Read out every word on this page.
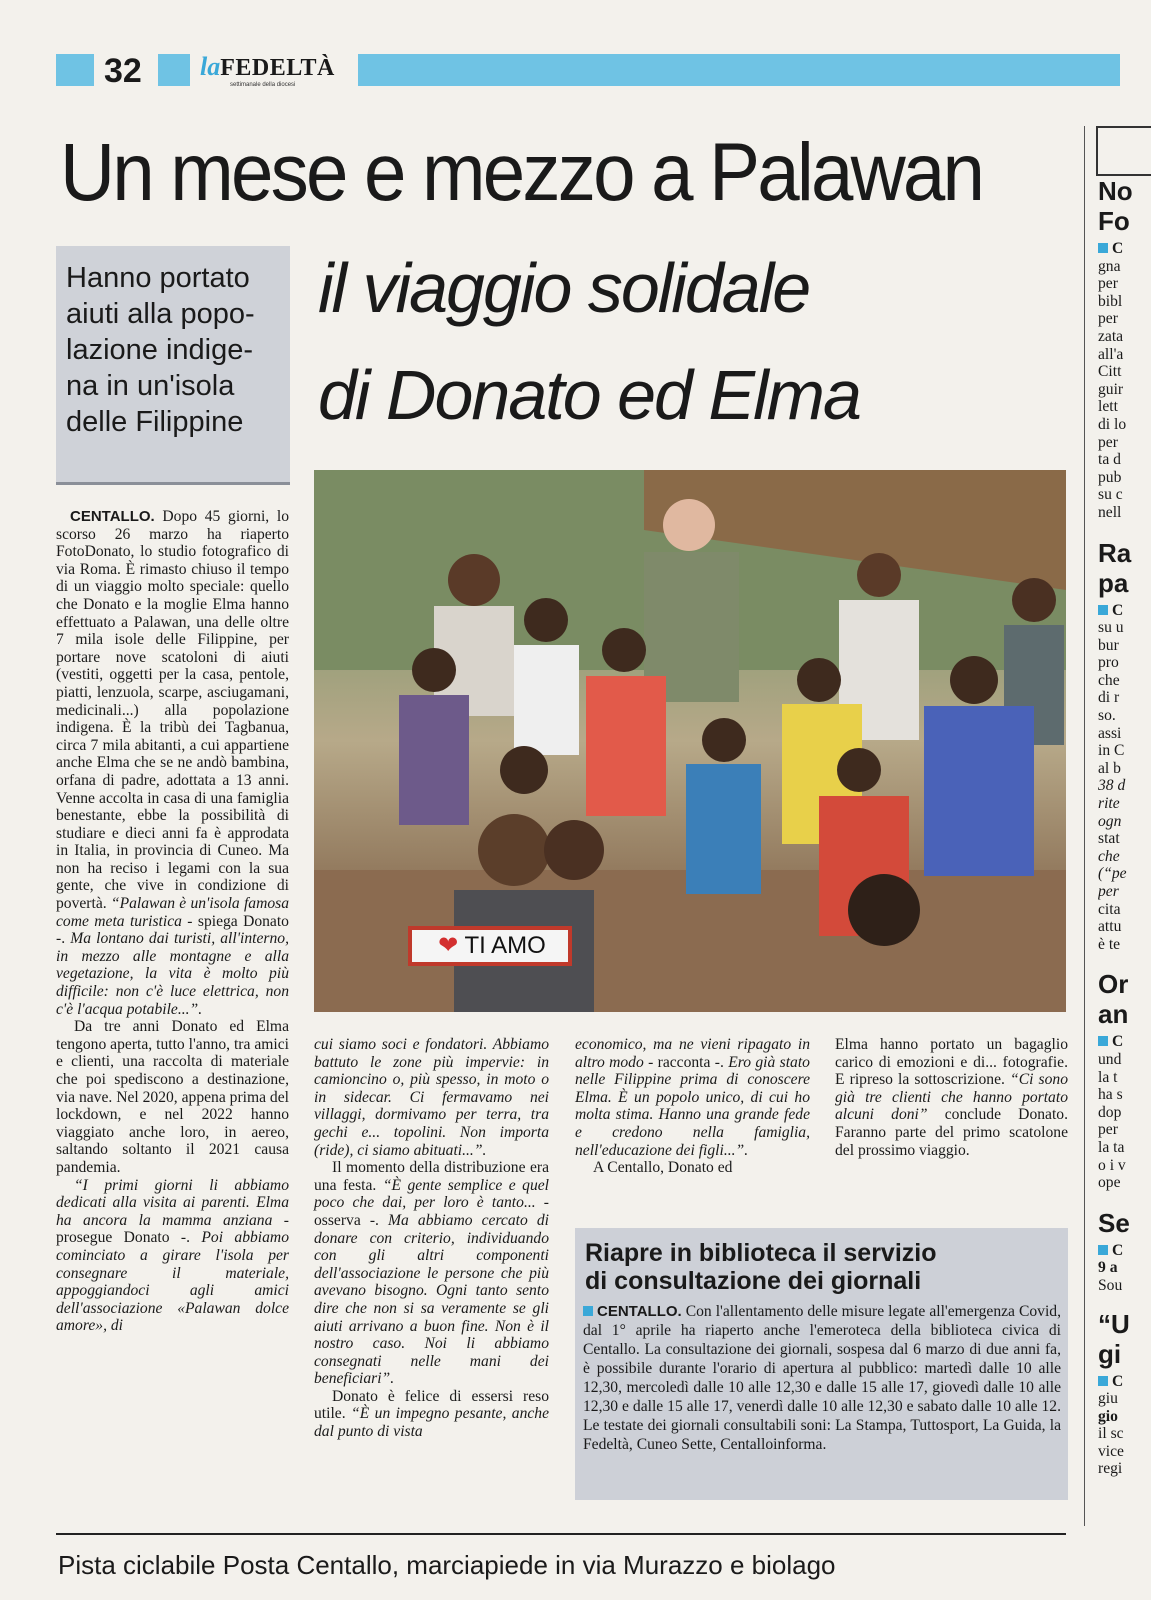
32 laFEDELTÀ
settimanale della diocesi
Un mese e mezzo a Palawan
Hanno portato
aiuti alla popo-
lazione indige-
na in un'isola
delle Filippine
il viaggio solidale
di Donato ed Elma
❤ TI AMO

CENTALLO. Dopo 45 giorni, lo scorso 26 marzo ha riaperto FotoDonato, lo studio fotografico di via Roma. È rimasto chiuso il tempo di un viaggio molto speciale: quello che Donato e la moglie Elma hanno effettuato a Palawan, una delle oltre 7 mila isole delle Filippine, per portare nove scatoloni di aiuti (vestiti, oggetti per la casa, pentole, piatti, lenzuola, scarpe, asciugamani, medicinali...) alla popolazione indigena. È la tribù dei Tagbanua, circa 7 mila abitanti, a cui appartiene anche Elma che se ne andò bambina, orfana di padre, adottata a 13 anni. Venne accolta in casa di una famiglia benestante, ebbe la possibilità di studiare e dieci anni fa è approdata in Italia, in provincia di Cuneo. Ma non ha reciso i legami con la sua gente, che vive in condizione di povertà. “Palawan è un'isola famosa come meta turistica - spiega Donato -. Ma lontano dai turisti, all'interno, in mezzo alle montagne e alla vegetazione, la vita è molto più difficile: non c'è luce elettrica, non c'è l'acqua potabile...”.

Da tre anni Donato ed Elma tengono aperta, tutto l'anno, tra amici e clienti, una raccolta di materiale che poi spediscono a destinazione, via nave. Nel 2020, appena prima del lockdown, e nel 2022 hanno viaggiato anche loro, in aereo, saltando soltanto il 2021 causa pandemia.

“I primi giorni li abbiamo dedicati alla visita ai parenti. Elma ha ancora la mamma anziana - prosegue Donato -. Poi abbiamo cominciato a girare l'isola per consegnare il materiale, appoggiandoci agli amici dell'associazione «Palawan dolce amore», di

cui siamo soci e fondatori. Abbiamo battuto le zone più impervie: in camioncino o, più spesso, in moto o in sidecar. Ci fermavamo nei villaggi, dormivamo per terra, tra gechi e... topolini. Non importa (ride), ci siamo abituati...”.

Il momento della distribuzione era una festa. “È gente semplice e quel poco che dai, per loro è tanto... - osserva -. Ma abbiamo cercato di donare con criterio, individuando con gli altri componenti dell'associazione le persone che più avevano bisogno. Ogni tanto sento dire che non si sa veramente se gli aiuti arrivano a buon fine. Non è il nostro caso. Noi li abbiamo consegnati nelle mani dei beneficiari”.

Donato è felice di essersi reso utile. “È un impegno pesante, anche dal punto di vista

economico, ma ne vieni ripagato in altro modo - racconta -. Ero già stato nelle Filippine prima di conoscere Elma. È un popolo unico, di cui ho molta stima. Hanno una grande fede e credono nella famiglia, nell'educazione dei figli...”.

A Centallo, Donato ed

Elma hanno portato un bagaglio carico di emozioni e di... fotografie. E ripreso la sottoscrizione. “Ci sono già tre clienti che hanno portato alcuni doni” conclude Donato. Faranno parte del primo scatolone del prossimo viaggio.

Riapre in biblioteca il servizio
di consultazione dei giornali
CENTALLO. Con l'allentamento delle misure legate all'emergenza Covid, dal 1° aprile ha riaperto anche l'emeroteca della biblioteca civica di Centallo. La consultazione dei giornali, sospesa dal 6 marzo di due anni fa, è possibile durante l'orario di apertura al pubblico: martedì dalle 10 alle 12,30, mercoledì dalle 10 alle 12,30 e dalle 15 alle 17, giovedì dalle 10 alle 12,30 e dalle 15 alle 17, venerdì dalle 10 alle 12,30 e sabato dalle 10 alle 12. Le testate dei giornali consultabili soni: La Stampa, Tuttosport, La Guida, la Fedeltà, Cuneo Sette, Centalloinforma.
No
Fo
C
gna
per
bibl
per
zata
all'a
Citt
guir
lett
di lo
per
ta d
pub
su c
nell
Ra
pa
C
su u
bur
pro
che
di r
so.
assi
in C
al b
38 d
rite
ogn
stat
che
(“pe
per
cita
attu
è te
Or
an
C
und
la t
ha s
dop
per
la ta
o i v
ope
Se
C
9 a
Sou
“U
gi
C
giu
gio
il sc
vice
regi
Pista ciclabile Posta Centallo, marciapiede in via Murazzo e biolago
